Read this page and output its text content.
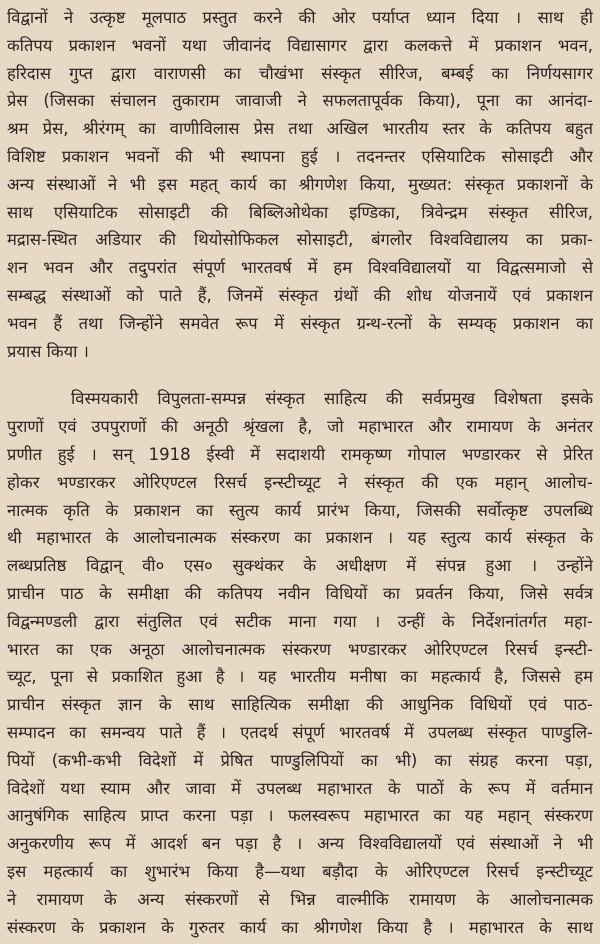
विद्वानों ने उत्कृष्ट मूलपाठ प्रस्तुत करने की ओर पर्याप्त ध्यान दिया । साथ ही
कतिपय प्रकाशन भवनों यथा जीवानंद विद्यासागर द्वारा कलकत्ते में प्रकाशन भवन,
हरिदास गुप्त द्वारा वाराणसी का चौखंभा संस्कृत सीरिज, बम्बई का निर्णयसागर
प्रेस (जिसका संचालन तुकाराम जावाजी ने सफलतापूर्वक किया), पूना का आनंदा-
श्रम प्रेस, श्रीरंगम् का वाणीविलास प्रेस तथा अखिल भारतीय स्तर के कतिपय बहुत
विशिष्ट प्रकाशन भवनों की भी स्थापना हुई । तदनन्तर एसियाटिक सोसाइटी और
अन्य संस्थाओं ने भी इस महत् कार्य का श्रीगणेश किया, मुख्यत: संस्कृत प्रकाशनों के
साथ एसियाटिक सोसाइटी की बिब्लिओथेका इण्डिका, त्रिवेन्द्रम संस्कृत सीरिज,
मद्रास-स्थित अडियार की थियोसोफिकल सोसाइटी, बंगलोर विश्वविद्यालय का प्रका-
शन भवन और तदुपरांत संपूर्ण भारतवर्ष में हम विश्वविद्यालयों या विद्वत्समाजो से
सम्बद्ध संस्थाओं को पाते हैं, जिनमें संस्कृत ग्रंथों की शोध योजनायें एवं प्रकाशन
भवन हैं तथा जिन्होंने समवेत रूप में संस्कृत ग्रन्थ-रत्नों के सम्यक् प्रकाशन का
प्रयास किया ।
विस्मयकारी विपुलता-सम्पन्न संस्कृत साहित्य की सर्वप्रमुख विशेषता इसके
पुराणों एवं उपपुराणों की अनूठी श्रृंखला है, जो महाभारत और रामायण के अनंतर
प्रणीत हुई । सन् 1918 ईस्वी में सदाशयी रामकृष्ण गोपाल भण्डारकर से प्रेरित
होकर भण्डारकर ओरिएण्टल रिसर्च इन्स्टीच्यूट ने संस्कृत की एक महान् आलोच-
नात्मक कृति के प्रकाशन का स्तुत्य कार्य प्रारंभ किया, जिसकी सर्वोत्कृष्ट उपलब्धि
थी महाभारत के आलोचनात्मक संस्करण का प्रकाशन । यह स्तुत्य कार्य संस्कृत के
लब्धप्रतिष्ठ विद्वान् वी० एस० सुक्थंकर के अधीक्षण में संपन्न हुआ । उन्होंने
प्राचीन पाठ के समीक्षा की कतिपय नवीन विधियों का प्रवर्तन किया, जिसे सर्वत्र
विद्वन्मण्डली द्वारा संतुलित एवं सटीक माना गया । उन्हीं के निर्देशनांतर्गत महा-
भारत का एक अनूठा आलोचनात्मक संस्करण भण्डारकर ओरिएण्टल रिसर्च इन्स्टी-
च्यूट, पूना से प्रकाशित हुआ है । यह भारतीय मनीषा का महत्कार्य है, जिससे हम
प्राचीन संस्कृत ज्ञान के साथ साहित्यिक समीक्षा की आधुनिक विधियों एवं पाठ-
सम्पादन का समन्वय पाते हैं । एतदर्थ संपूर्ण भारतवर्ष में उपलब्ध संस्कृत पाण्डुलि-
पियों (कभी-कभी विदेशों में प्रेषित पाण्डुलिपियों का भी) का संग्रह करना पड़ा,
विदेशों यथा स्याम और जावा में उपलब्ध महाभारत के पाठों के रूप में वर्तमान
आनुषंगिक साहित्य प्राप्त करना पड़ा । फलस्वरूप महाभारत का यह महान् संस्करण
अनुकरणीय रूप में आदर्श बन पड़ा है । अन्य विश्वविद्यालयों एवं संस्थाओं ने भी
इस महत्कार्य का शुभारंभ किया है—यथा बड़ौदा के ओरिएण्टल रिसर्च इन्स्टीच्यूट
ने रामायण के अन्य संस्करणों से भिन्न वाल्मीकि रामायण के आलोचनात्मक
संस्करण के प्रकाशन के गुरुतर कार्य का श्रीगणेश किया है । महाभारत के साथ
